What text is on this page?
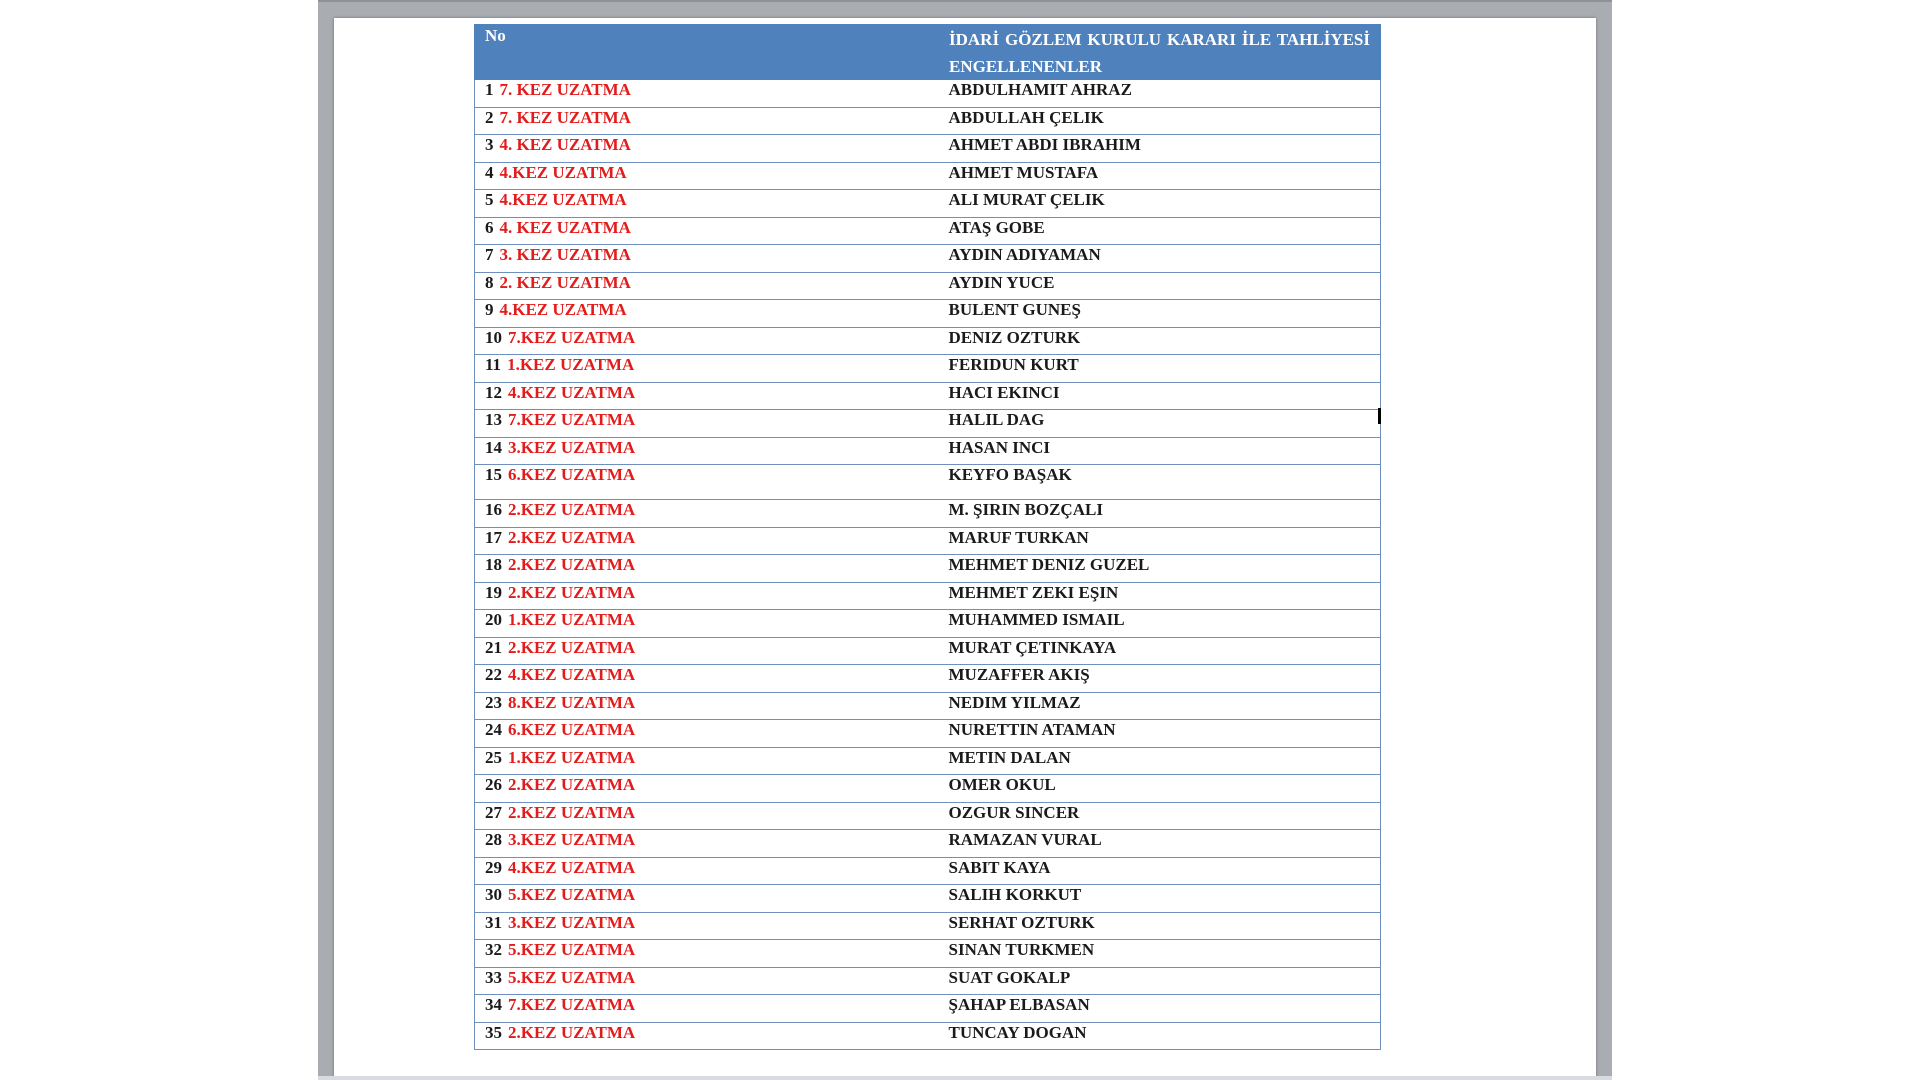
No	İDARİ GÖZLEM KURULU KARARI İLE TAHLİYESİ ENGELLENENLER
1 7. KEZ UZATMA	ABDULHAMIT AHRAZ
2 7. KEZ UZATMA	ABDULLAH ÇELIK
3 4. KEZ UZATMA	AHMET ABDI IBRAHIM
4 4.KEZ UZATMA	AHMET MUSTAFA
5 4.KEZ UZATMA	ALI MURAT ÇELIK
6 4. KEZ UZATMA	ATAŞ GOBE
7 3. KEZ UZATMA	AYDIN ADIYAMAN
8 2. KEZ UZATMA	AYDIN YUCE
9 4.KEZ UZATMA	BULENT GUNEŞ
10 7.KEZ UZATMA	DENIZ OZTURK
11 1.KEZ UZATMA	FERIDUN KURT
12 4.KEZ UZATMA	HACI EKINCI
13 7.KEZ UZATMA	HALIL DAG
14 3.KEZ UZATMA	HASAN INCI
15 6.KEZ UZATMA	KEYFO BAŞAK
16 2.KEZ UZATMA	M. ŞIRIN BOZÇALI
17 2.KEZ UZATMA	MARUF TURKAN
18 2.KEZ UZATMA	MEHMET DENIZ GUZEL
19 2.KEZ UZATMA	MEHMET ZEKI EŞIN
20 1.KEZ UZATMA	MUHAMMED ISMAIL
21 2.KEZ UZATMA	MURAT ÇETINKAYA
22 4.KEZ UZATMA	MUZAFFER AKIŞ
23 8.KEZ UZATMA	NEDIM YILMAZ
24 6.KEZ UZATMA	NURETTIN ATAMAN
25 1.KEZ UZATMA	METIN DALAN
26 2.KEZ UZATMA	OMER OKUL
27 2.KEZ UZATMA	OZGUR SINCER
28 3.KEZ UZATMA	RAMAZAN VURAL
29 4.KEZ UZATMA	SABIT KAYA
30 5.KEZ UZATMA	SALIH KORKUT
31 3.KEZ UZATMA	SERHAT OZTURK
32 5.KEZ UZATMA	SINAN TURKMEN
33 5.KEZ UZATMA	SUAT GOKALP
34 7.KEZ UZATMA	ŞAHAP ELBASAN
35 2.KEZ UZATMA	TUNCAY DOGAN
